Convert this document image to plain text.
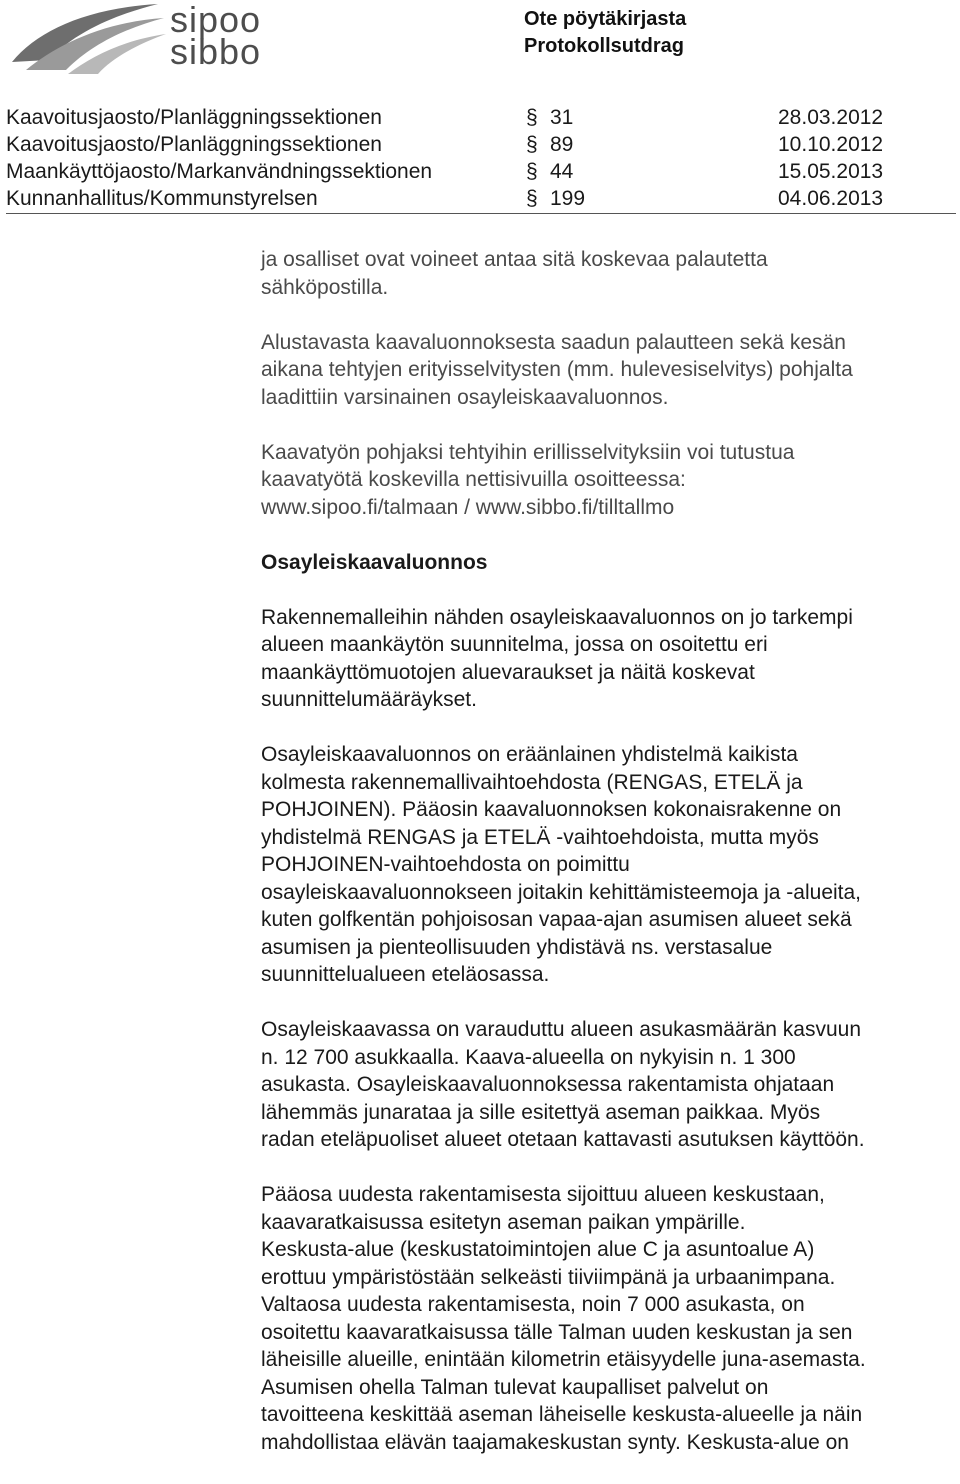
sipoo
sibbo
Ote pöytäkirjasta
Protokollsutdrag
Kaavoitusjaosto/Planläggningssektionen	§ 31	28.03.2012
Kaavoitusjaosto/Planläggningssektionen	§ 89	10.10.2012
Maankäyttöjaosto/Markanvändningssektionen	§ 44	15.05.2013
Kunnanhallitus/Kommunstyrelsen	§ 199	04.06.2013

ja osalliset ovat voineet antaa sitä koskevaa palautetta
sähköpostilla.

Alustavasta kaavaluonnoksesta saadun palautteen sekä kesän
aikana tehtyjen erityisselvitysten (mm. hulevesiselvitys) pohjalta
laadittiin varsinainen osayleiskaavaluonnos.

Kaavatyön pohjaksi tehtyihin erillisselvityksiin voi tutustua
kaavatyötä koskevilla nettisivuilla osoitteessa:
www.sipoo.fi/talmaan / www.sibbo.fi/tilltallmo

Osayleiskaavaluonnos

Rakennemalleihin nähden osayleiskaavaluonnos on jo tarkempi
alueen maankäytön suunnitelma, jossa on osoitettu eri
maankäyttömuotojen aluevaraukset ja näitä koskevat
suunnittelumääräykset.

Osayleiskaavaluonnos on eräänlainen yhdistelmä kaikista
kolmesta rakennemallivaihtoehdosta (RENGAS, ETELÄ ja
POHJOINEN). Pääosin kaavaluonnoksen kokonaisrakenne on
yhdistelmä RENGAS ja ETELÄ -vaihtoehdoista, mutta myös
POHJOINEN-vaihtoehdosta on poimittu
osayleiskaavaluonnokseen joitakin kehittämisteemoja ja -alueita,
kuten golfkentän pohjoisosan vapaa-ajan asumisen alueet sekä
asumisen ja pienteollisuuden yhdistävä ns. verstasalue
suunnittelualueen eteläosassa.

Osayleiskaavassa on varauduttu alueen asukasmäärän kasvuun
n. 12 700 asukkaalla. Kaava-alueella on nykyisin n. 1 300
asukasta. Osayleiskaavaluonnoksessa rakentamista ohjataan
lähemmäs junarataa ja sille esitettyä aseman paikkaa. Myös
radan eteläpuoliset alueet otetaan kattavasti asutuksen käyttöön.

Pääosa uudesta rakentamisesta sijoittuu alueen keskustaan,
kaavaratkaisussa esitetyn aseman paikan ympärille.
Keskusta-alue (keskustatoimintojen alue C ja asuntoalue A)
erottuu ympäristöstään selkeästi tiiviimpänä ja urbaanimpana.
Valtaosa uudesta rakentamisesta, noin 7 000 asukasta, on
osoitettu kaavaratkaisussa tälle Talman uuden keskustan ja sen
läheisille alueille, enintään kilometrin etäisyydelle juna-asemasta.
Asumisen ohella Talman tulevat kaupalliset palvelut on
tavoitteena keskittää aseman läheiselle keskusta-alueelle ja näin
mahdollistaa elävän taajamakeskustan synty. Keskusta-alue on
